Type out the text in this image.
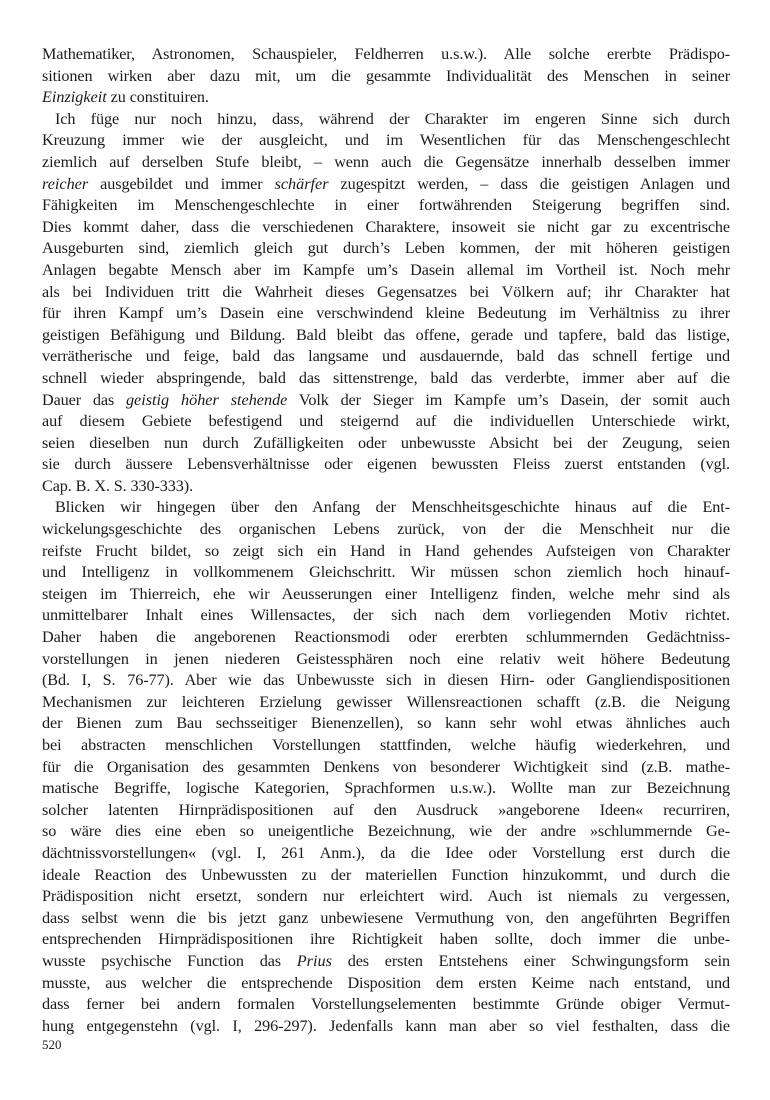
Mathematiker, Astronomen, Schauspieler, Feldherren u.s.w.). Alle solche ererbte Prädispo-
sitionen wirken aber dazu mit, um die gesammte Individualität des Menschen in seiner
Einzigkeit zu constituiren.
Ich füge nur noch hinzu, dass, während der Charakter im engeren Sinne sich durch
Kreuzung immer wie der ausgleicht, und im Wesentlichen für das Menschengeschlecht
ziemlich auf derselben Stufe bleibt, – wenn auch die Gegensätze innerhalb desselben immer
reicher ausgebildet und immer schärfer zugespitzt werden, – dass die geistigen Anlagen und
Fähigkeiten im Menschengeschlechte in einer fortwährenden Steigerung begriffen sind.
Dies kommt daher, dass die verschiedenen Charaktere, insoweit sie nicht gar zu excentrische
Ausgeburten sind, ziemlich gleich gut durch’s Leben kommen, der mit höheren geistigen
Anlagen begabte Mensch aber im Kampfe um’s Dasein allemal im Vortheil ist. Noch mehr
als bei Individuen tritt die Wahrheit dieses Gegensatzes bei Völkern auf; ihr Charakter hat
für ihren Kampf um’s Dasein eine verschwindend kleine Bedeutung im Verhältniss zu ihrer
geistigen Befähigung und Bildung. Bald bleibt das offene, gerade und tapfere, bald das listige,
verrätherische und feige, bald das langsame und ausdauernde, bald das schnell fertige und
schnell wieder abspringende, bald das sittenstrenge, bald das verderbte, immer aber auf die
Dauer das geistig höher stehende Volk der Sieger im Kampfe um’s Dasein, der somit auch
auf diesem Gebiete befestigend und steigernd auf die individuellen Unterschiede wirkt,
seien dieselben nun durch Zufälligkeiten oder unbewusste Absicht bei der Zeugung, seien
sie durch äussere Lebensverhältnisse oder eigenen bewussten Fleiss zuerst entstanden (vgl.
Cap. B. X. S. 330-333).
Blicken wir hingegen über den Anfang der Menschheitsgeschichte hinaus auf die Ent-
wickelungsgeschichte des organischen Lebens zurück, von der die Menschheit nur die
reifste Frucht bildet, so zeigt sich ein Hand in Hand gehendes Aufsteigen von Charakter
und Intelligenz in vollkommenem Gleichschritt. Wir müssen schon ziemlich hoch hinauf-
steigen im Thierreich, ehe wir Aeusserungen einer Intelligenz finden, welche mehr sind als
unmittelbarer Inhalt eines Willensactes, der sich nach dem vorliegenden Motiv richtet.
Daher haben die angeborenen Reactionsmodi oder ererbten schlummernden Gedächtniss-
vorstellungen in jenen niederen Geistessphären noch eine relativ weit höhere Bedeutung
(Bd. I, S. 76-77). Aber wie das Unbewusste sich in diesen Hirn- oder Gangliendispositionen
Mechanismen zur leichteren Erzielung gewisser Willensreactionen schafft (z.B. die Neigung
der Bienen zum Bau sechsseitiger Bienenzellen), so kann sehr wohl etwas ähnliches auch
bei abstracten menschlichen Vorstellungen stattfinden, welche häufig wiederkehren, und
für die Organisation des gesammten Denkens von besonderer Wichtigkeit sind (z.B. mathe-
matische Begriffe, logische Kategorien, Sprachformen u.s.w.). Wollte man zur Bezeichnung
solcher latenten Hirnprädispositionen auf den Ausdruck »angeborene Ideen« recurriren,
so wäre dies eine eben so uneigentliche Bezeichnung, wie der andre »schlummernde Ge-
dächtnissvorstellungen« (vgl. I, 261 Anm.), da die Idee oder Vorstellung erst durch die
ideale Reaction des Unbewussten zu der materiellen Function hinzukommt, und durch die
Prädisposition nicht ersetzt, sondern nur erleichtert wird. Auch ist niemals zu vergessen,
dass selbst wenn die bis jetzt ganz unbewiesene Vermuthung von, den angeführten Begriffen
entsprechenden Hirnprädispositionen ihre Richtigkeit haben sollte, doch immer die unbe-
wusste psychische Function das Prius des ersten Entstehens einer Schwingungsform sein
musste, aus welcher die entsprechende Disposition dem ersten Keime nach entstand, und
dass ferner bei andern formalen Vorstellungselementen bestimmte Gründe obiger Vermut-
hung entgegenstehn (vgl. I, 296-297). Jedenfalls kann man aber so viel festhalten, dass die
520
